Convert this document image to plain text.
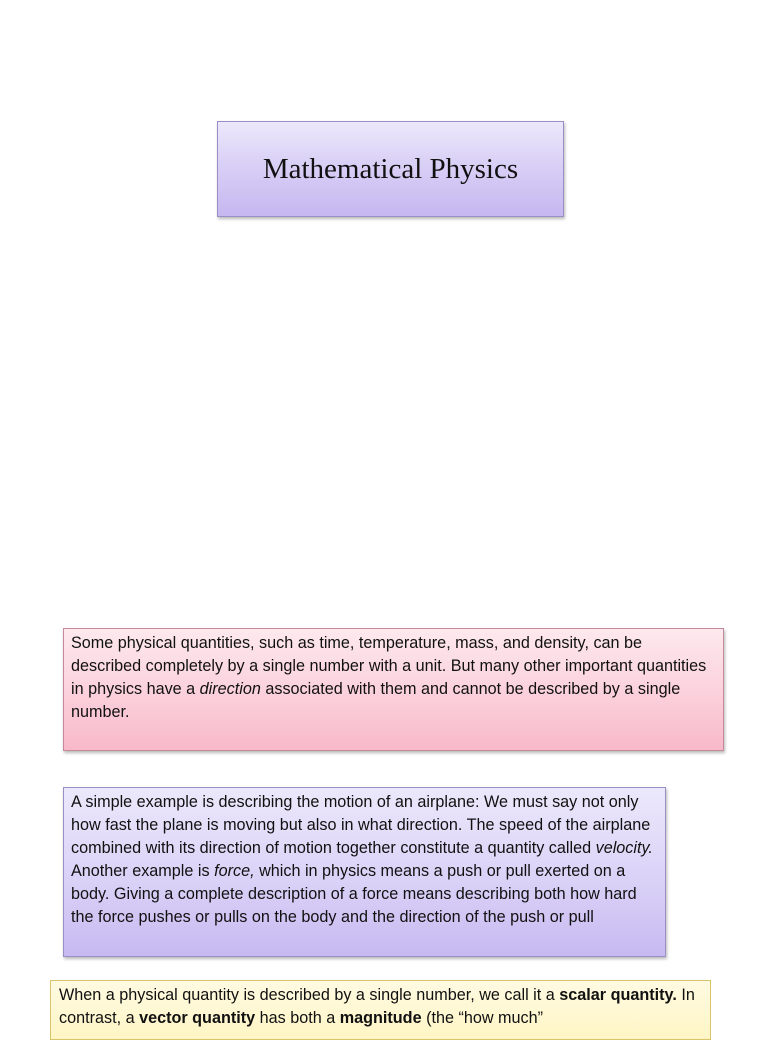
Mathematical Physics

Some physical quantities, such as time, temperature, mass, and density, can be described completely by a single number with a unit. But many other important quantities in physics have a direction associated with them and cannot be described by a single number.

A simple example is describing the motion of an airplane: We must say not only how fast the plane is moving but also in what direction. The speed of the airplane combined with its direction of motion together constitute a quantity called velocity. Another example is force, which in physics means a push or pull exerted on a body. Giving a complete description of a force means describing both how hard the force pushes or pulls on the body and the direction of the push or pull

When a physical quantity is described by a single number, we call it a scalar quantity. In contrast, a vector quantity has both a magnitude (the “how much”
